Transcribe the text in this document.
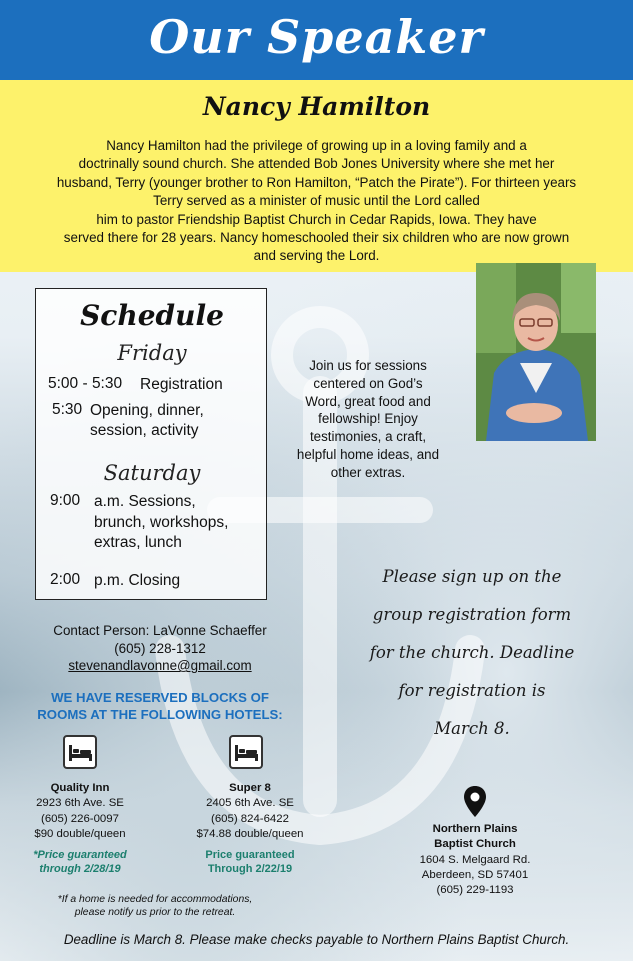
Our Speaker
Nancy Hamilton
Nancy Hamilton had the privilege of growing up in a loving family and a
doctrinally sound church. She attended Bob Jones University where she met her
husband, Terry (younger brother to Ron Hamilton, “Patch the Pirate”). For thirteen years
Terry served as a minister of music until the Lord called
him to pastor Friendship Baptist Church in Cedar Rapids, Iowa. They have
served there for 28 years. Nancy homeschooled their six children who are now grown
and serving the Lord.
Schedule
Friday
5:00 - 5:30 Registration
5:30 Opening, dinner,
session, activity
Saturday
9:00 a.m. Sessions,
brunch, workshops,
extras, lunch
2:00 p.m. Closing
Join us for sessions
centered on God’s
Word, great food and
fellowship! Enjoy
testimonies, a craft,
helpful home ideas, and
other extras.
Please sign up on the
group registration form
for the church. Deadline
for registration is
March 8.
Contact Person: LaVonne Schaeffer
(605) 228-1312
stevenandlavonne@gmail.com
WE HAVE RESERVED BLOCKS OF
ROOMS AT THE FOLLOWING HOTELS:
Quality Inn
2923 6th Ave. SE
(605) 226-0097
$90 double/queen
*Price guaranteed
through 2/28/19
Super 8
2405 6th Ave. SE
(605) 824-6422
$74.88 double/queen
Price guaranteed
Through 2/22/19
*If a home is needed for accommodations,
please notify us prior to the retreat.
Northern Plains
Baptist Church
1604 S. Melgaard Rd.
Aberdeen, SD 57401
(605) 229-1193
Deadline is March 8. Please make checks payable to Northern Plains Baptist Church.
